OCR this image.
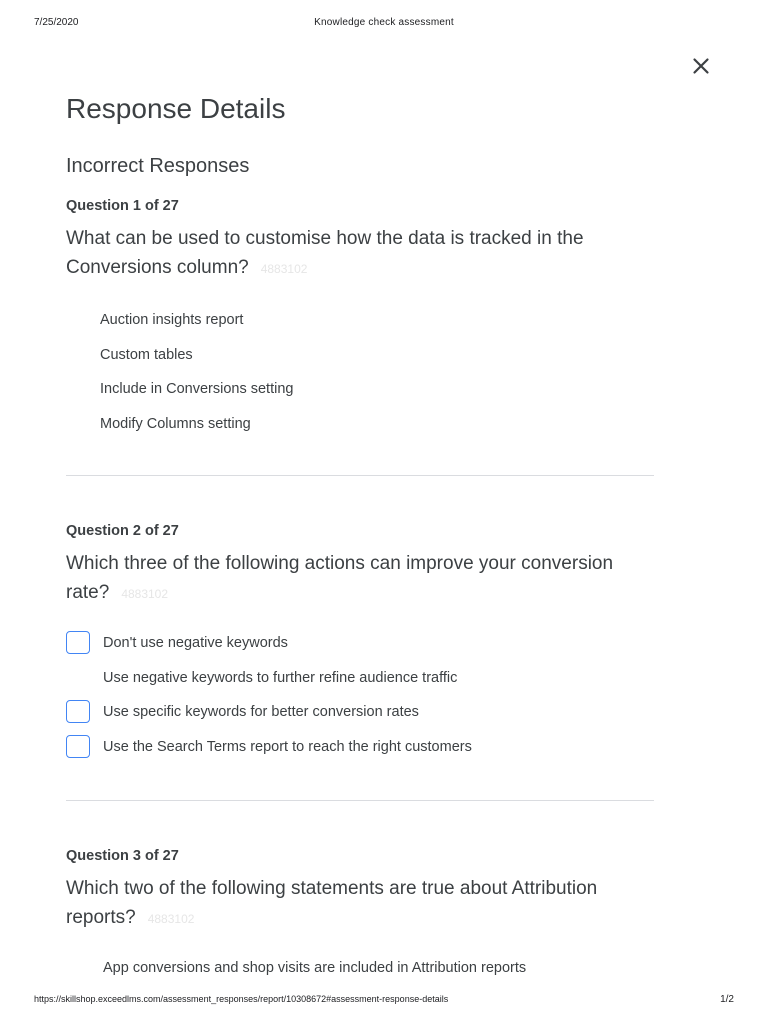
7/25/2020	Knowledge check assessment
Response Details
Incorrect Responses
Question 1 of 27
What can be used to customise how the data is tracked in the Conversions column? 4883102
Auction insights report
Custom tables
Include in Conversions setting
Modify Columns setting
Question 2 of 27
Which three of the following actions can improve your conversion rate? 4883102
Don't use negative keywords
Use negative keywords to further refine audience traffic
Use specific keywords for better conversion rates
Use the Search Terms report to reach the right customers
Question 3 of 27
Which two of the following statements are true about Attribution reports? 4883102
App conversions and shop visits are included in Attribution reports
https://skillshop.exceedlms.com/assessment_responses/report/10308672#assessment-response-details	1/2
